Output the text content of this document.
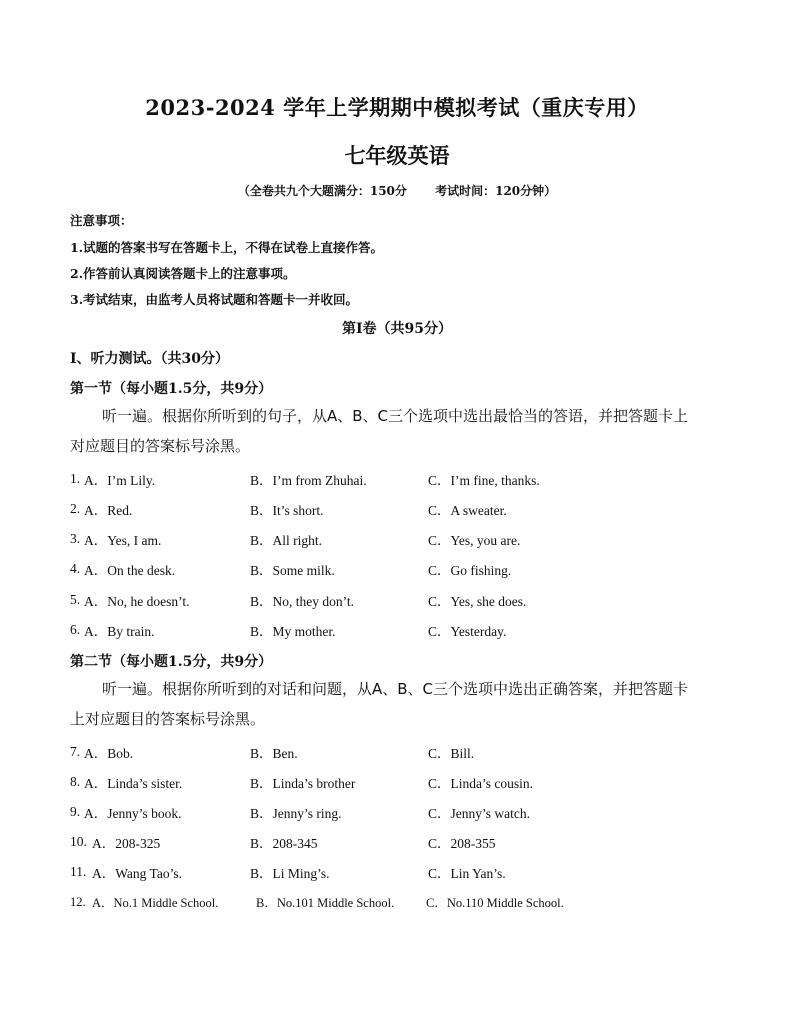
2023-2024 学年上学期期中模拟考试（重庆专用）
七年级英语
（全卷共九个大题满分：150分 考试时间：120分钟）
注意事项：
1.试题的答案书写在答题卡上，不得在试卷上直接作答。
2.作答前认真阅读答题卡上的注意事项。
3.考试结束，由监考人员将试题和答题卡一并收回。
第Ⅰ卷（共95分）
Ⅰ、听力测试。（共30分）
第一节（每小题1.5分，共9分）
听一遍。根据你所听到的句子，从A、B、C三个选项中选出最恰当的答语，并把答题卡上
对应题目的答案标号涂黑。
1. A．I’m Lily.	B．I’m from Zhuhai.	C．I’m fine, thanks.
2. A．Red.	B．It’s short.	C．A sweater.
3. A．Yes, I am.	B．All right.	C．Yes, you are.
4. A．On the desk.	B．Some milk.	C．Go fishing.
5. A．No, he doesn’t.	B．No, they don’t.	C．Yes, she does.
6. A．By train.	B．My mother.	C．Yesterday.
第二节（每小题1.5分，共9分）
听一遍。根据你所听到的对话和问题，从A、B、C三个选项中选出正确答案，并把答题卡
上对应题目的答案标号涂黑。
7. A．Bob.	B．Ben.	C．Bill.
8. A．Linda’s sister.	B．Linda’s brother	C．Linda’s cousin.
9. A．Jenny’s book.	B．Jenny’s ring.	C．Jenny’s watch.
10. A．208-325	B．208-345	C．208-355
11. A．Wang Tao’s.	B．Li Ming’s.	C．Lin Yan’s.
12. A．No.1 Middle School.	B．No.101 Middle School.	C．No.110 Middle School.
